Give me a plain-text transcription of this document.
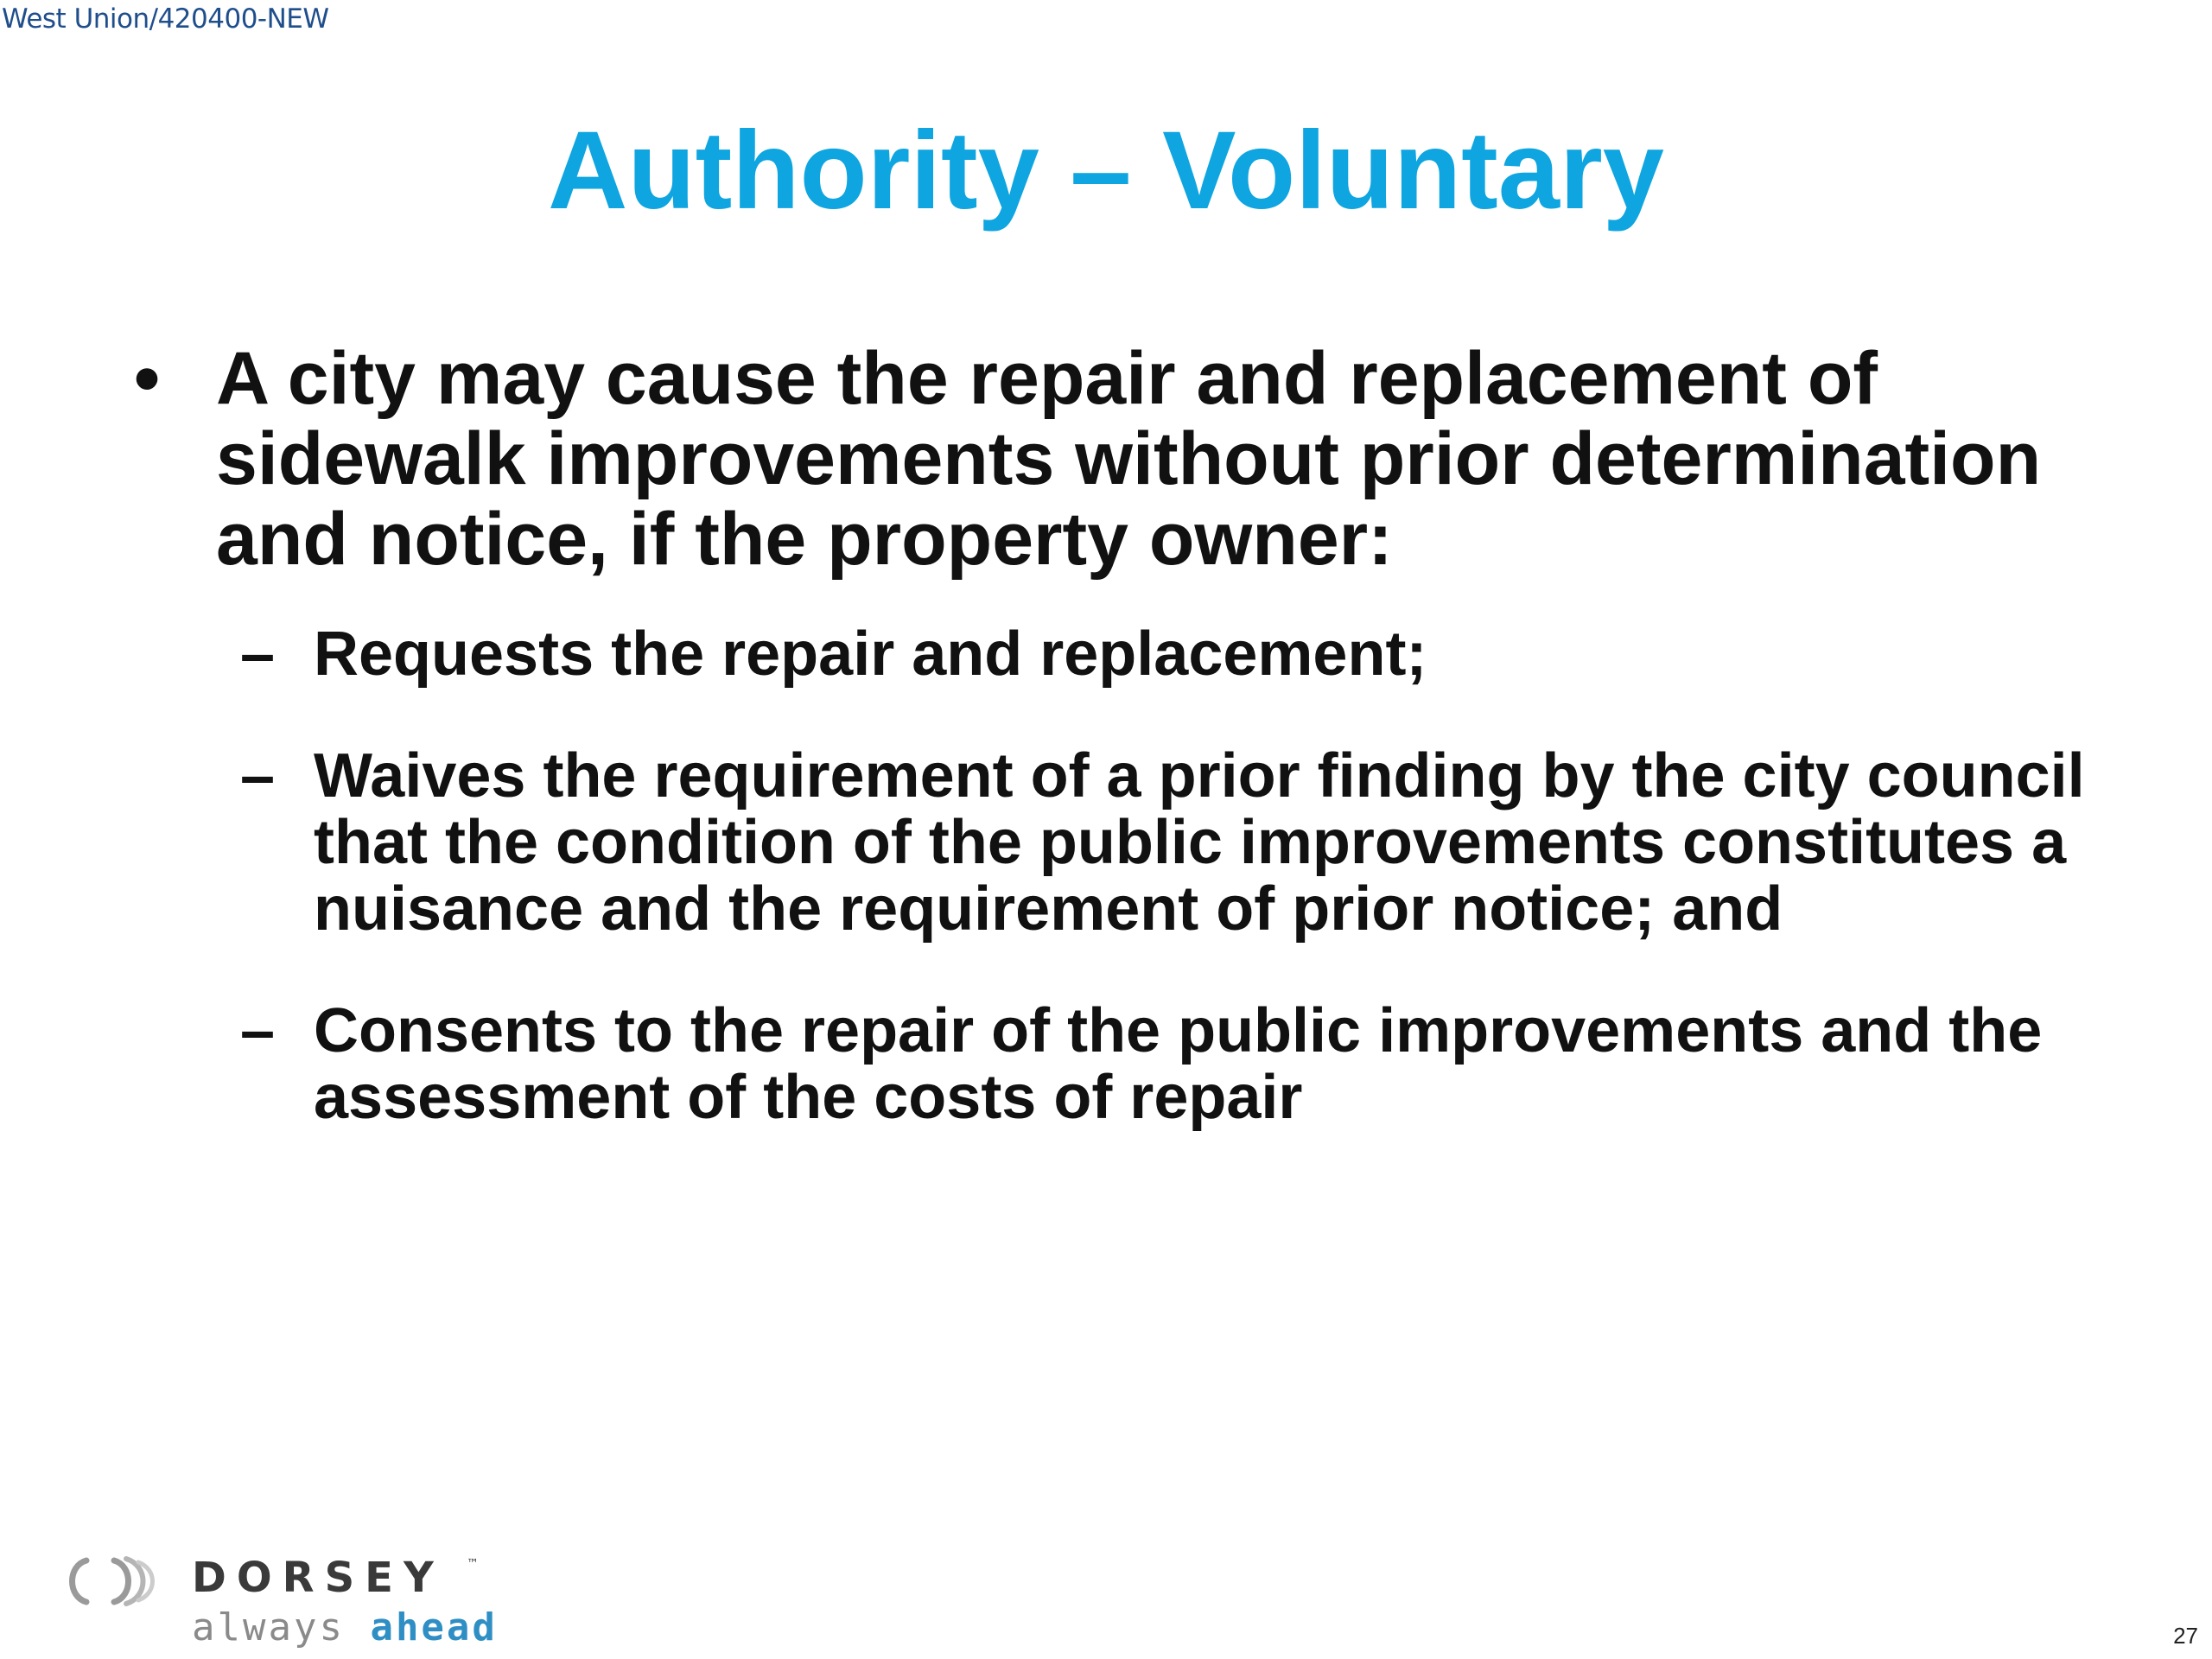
West Union/420400-NEW
Authority – Voluntary
• A city may cause the repair and replacement of sidewalk improvements without prior determination and notice, if the property owner:
– Requests the repair and replacement;
– Waives the requirement of a prior finding by the city council that the condition of the public improvements constitutes a nuisance and the requirement of prior notice; and
– Consents to the repair of the public improvements and the assessment of the costs of repair
DORSEY ™
always ahead	27
